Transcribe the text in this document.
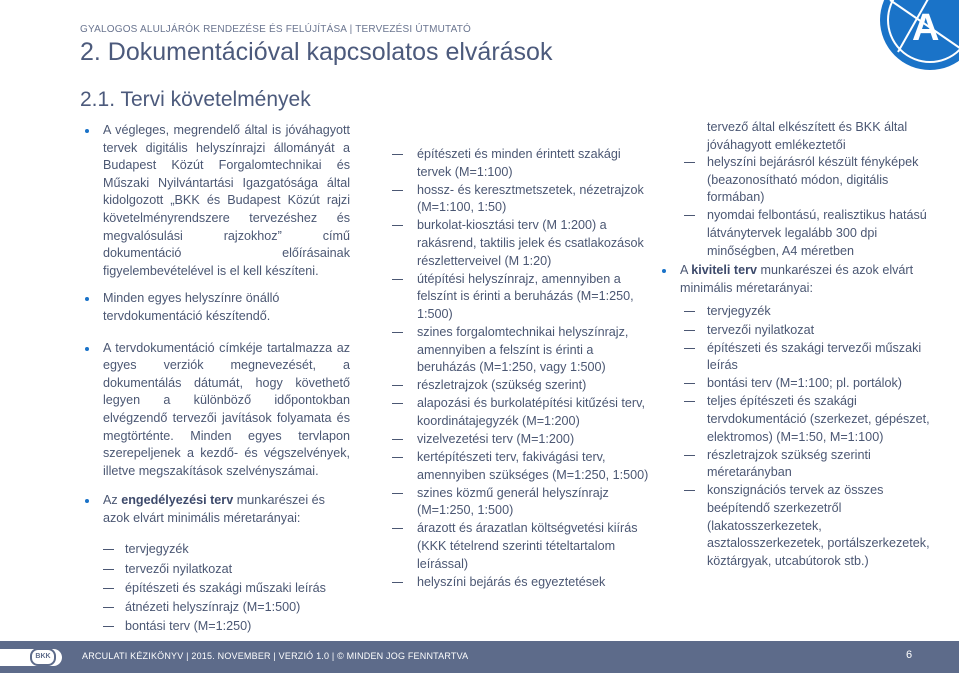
GYALOGOS ALULJÁRÓK RENDEZÉSE ÉS FELÚJÍTÁSA | TERVEZÉSI ÚTMUTATÓ
2. Dokumentációval kapcsolatos elvárások
2.1. Tervi követelmények
A
A végleges, megrendelő által is jóváhagyott tervek digitális helyszínrajzi állományát a Budapest Közút Forgalomtechnikai és Műszaki Nyilvántartási Igazgatósága által kidolgozott „BKK és Budapest Közút rajzi követelményrendszere tervezéshez és megvalósulási rajzokhoz” című dokumentáció előírásainak figyelembevételével is el kell készíteni.
Minden egyes helyszínre önálló tervdokumentáció készítendő.
A tervdokumentáció címkéje tartalmazza az egyes verziók megnevezését, a dokumentálás dátumát, hogy követhető legyen a különböző időpontokban elvégzendő tervezői javítások folyamata és megtörténte. Minden egyes tervlapon szerepeljenek a kezdő- és végszelvények, illetve megszakítások szelvényszámai.
Az engedélyezési terv munkarészei és azok elvárt minimális méretarányai:
tervjegyzék
tervezői nyilatkozat
építészeti és szakági műszaki leírás
átnézeti helyszínrajz (M=1:500)
bontási terv (M=1:250)
építészeti és minden érintett szakági tervek (M=1:100)
hossz- és keresztmetszetek, nézetrajzok (M=1:100, 1:50)
burkolat-kiosztási terv (M 1:200) a rakásrend, taktilis jelek és csatlakozások részletterveivel (M 1:20)
útépítési helyszínrajz, amennyiben a felszínt is érinti a beruházás (M=1:250, 1:500)
szines forgalomtechnikai helyszínrajz, amennyiben a felszínt is érinti a beruházás (M=1:250, vagy 1:500)
részletrajzok (szükség szerint)
alapozási és burkolatépítési kitűzési terv, koordinátajegyzék (M=1:200)
vizelvezetési terv (M=1:200)
kertépítészeti terv, fakivágási terv, amennyiben szükséges (M=1:250, 1:500)
szines közmű generál helyszínrajz (M=1:250, 1:500)
árazott és árazatlan költségvetési kiírás (KKK tételrend szerinti tételtartalom leírással)
helyszíni bejárás és egyeztetések
tervező által elkészített és BKK által jóváhagyott emlékeztetői
helyszíni bejárásról készült fényképek (beazonosítható módon, digitális formában)
nyomdai felbontású, realisztikus hatású látványtervek legalább 300 dpi minőségben, A4 méretben
A kiviteli terv munkarészei és azok elvárt minimális méretarányai:
tervjegyzék
tervezői nyilatkozat
építészeti és szakági tervezői műszaki leírás
bontási terv (M=1:100; pl. portálok)
teljes építészeti és szakági tervdokumentáció (szerkezet, gépészet, elektromos) (M=1:50, M=1:100)
részletrajzok szükség szerinti méretarányban
konszignációs tervek az összes beépítendő szerkezetről (lakatosszerkezetek, asztalosszerkezetek, portálszerkezetek, köztárgyak, utcabútorok stb.)
BKK	ARCULATI KÉZIKÖNYV | 2015. NOVEMBER | VERZIÓ 1.0 | © MINDEN JOG FENNTARTVA	6
